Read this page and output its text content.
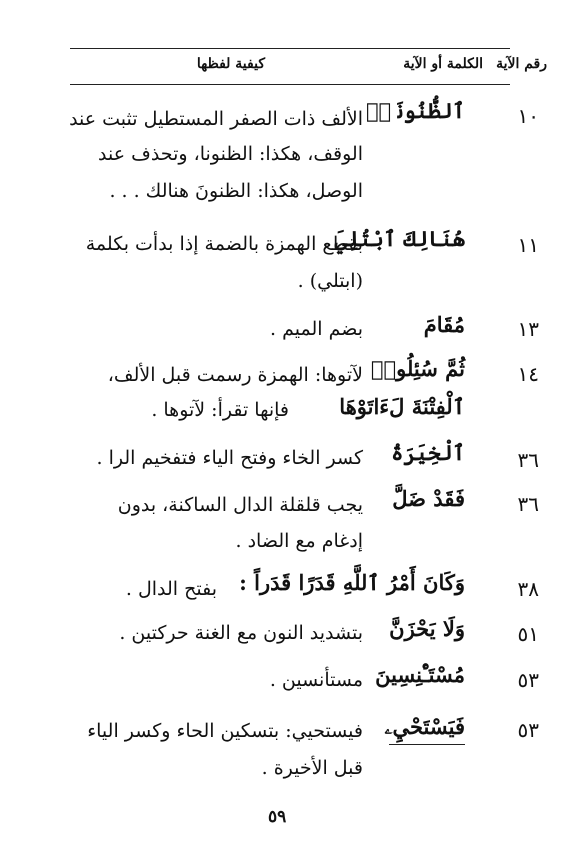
رقم الآية
الكلمة أو الآية
كيفية لفظها
١٠
ٱلظُّنُونَا۠
الألف ذات الصفر المستطيل تثبت عند
الوقف، هكذا: الظنونا، وتحذف عند
الوصل، هكذا: الظنونَ هنالك . . .
١١
هُنَالِكَ ٱبْتُلِيَ
بقطع الهمزة بالضمة إذا بدأت بكلمة
(ابتلي) .
١٣
مُقَامَ
بضم الميم .
١٤
ثُمَّ سُئِلُوا۟
لآتوها: الهمزة رسمت قبل الألف،
ٱلْفِتْنَةَ لَءَاتَوْهَا
فإنها تقرأ: لآتوها .
٣٦
ٱلْخِيَرَةُ
كسر الخاء وفتح الياء فتفخيم الرا .
٣٦
فَقَدْ ضَلَّ
يجب قلقلة الدال الساكنة، بدون
إدغام مع الضاد .
٣٨
وَكَانَ أَمْرُ ٱللَّهِ قَدَرًا قَدَراً :
بفتح الدال .
٥١
وَلَا يَحْزَنَّ
بتشديد النون مع الغنة حركتين .
٥٣
مُسْتَـْٔنِسِينَ
مستأنسين .
٥٣
فَيَسْتَحْيِۦ
فيستحيي: بتسكين الحاء وكسر الياء
قبل الأخيرة .
٥٩
